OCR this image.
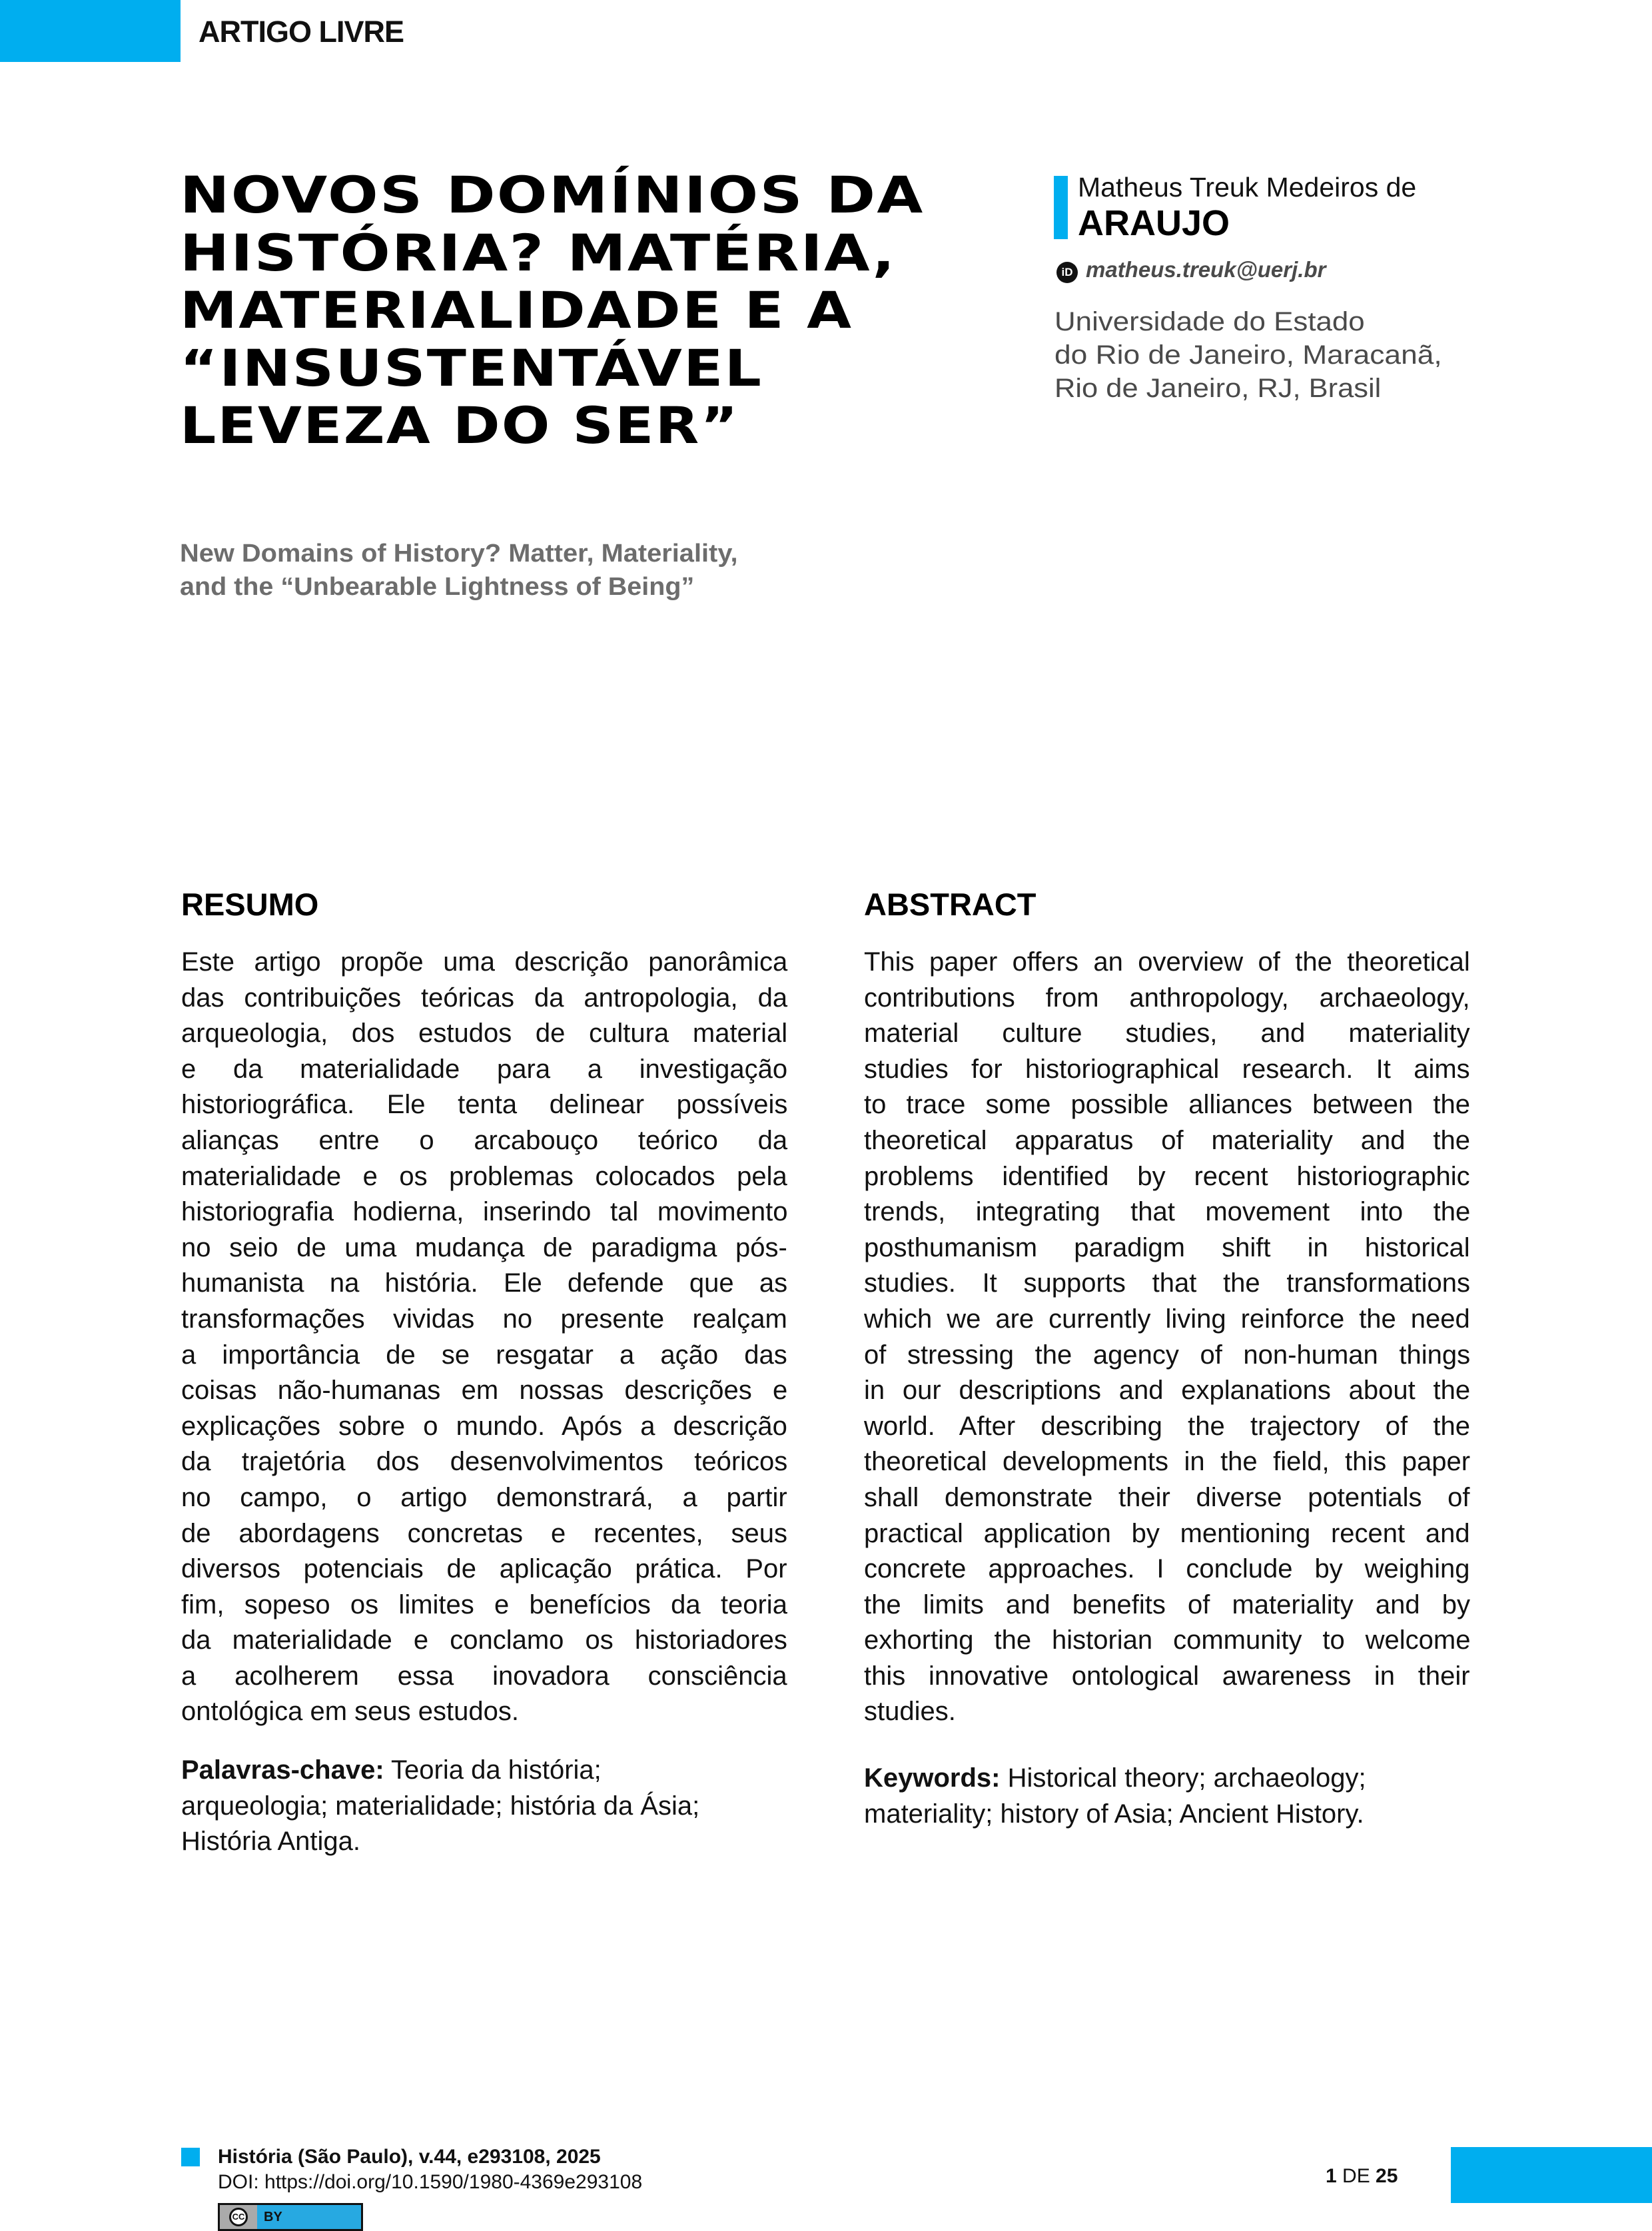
ARTIGO LIVRE
NOVOS DOMÍNIOS DA
HISTÓRIA? MATÉRIA,
MATERIALIDADE E A
“INSUSTENTÁVEL
LEVEZA DO SER”
New Domains of History? Matter, Materiality,
and the “Unbearable Lightness of Being”
Matheus Treuk Medeiros de
ARAUJO
iD matheus.treuk@uerj.br
Universidade do Estado
do Rio de Janeiro, Maracanã,
Rio de Janeiro, RJ, Brasil
RESUMO
Este artigo propõe uma descrição panorâmica
das contribuições teóricas da antropologia, da
arqueologia, dos estudos de cultura material
e da materialidade para a investigação
historiográfica. Ele tenta delinear possíveis
alianças entre o arcabouço teórico da
materialidade e os problemas colocados pela
historiografia hodierna, inserindo tal movimento
no seio de uma mudança de paradigma pós-
humanista na história. Ele defende que as
transformações vividas no presente realçam
a importância de se resgatar a ação das
coisas não-humanas em nossas descrições e
explicações sobre o mundo. Após a descrição
da trajetória dos desenvolvimentos teóricos
no campo, o artigo demonstrará, a partir
de abordagens concretas e recentes, seus
diversos potenciais de aplicação prática. Por
fim, sopeso os limites e benefícios da teoria
da materialidade e conclamo os historiadores
a acolherem essa inovadora consciência
ontológica em seus estudos.
Palavras-chave: Teoria da história;
arqueologia; materialidade; história da Ásia;
História Antiga.
ABSTRACT
This paper offers an overview of the theoretical
contributions from anthropology, archaeology,
material culture studies, and materiality
studies for historiographical research. It aims
to trace some possible alliances between the
theoretical apparatus of materiality and the
problems identified by recent historiographic
trends, integrating that movement into the
posthumanism paradigm shift in historical
studies. It supports that the transformations
which we are currently living reinforce the need
of stressing the agency of non-human things
in our descriptions and explanations about the
world. After describing the trajectory of the
theoretical developments in the field, this paper
shall demonstrate their diverse potentials of
practical application by mentioning recent and
concrete approaches. I conclude by weighing
the limits and benefits of materiality and by
exhorting the historian community to welcome
this innovative ontological awareness in their
studies.
Keywords: Historical theory; archaeology;
materiality; history of Asia; Ancient History.
História (São Paulo), v.44, e293108, 2025
DOI: https://doi.org/10.1590/1980-4369e293108
CC BY
1 DE 25
